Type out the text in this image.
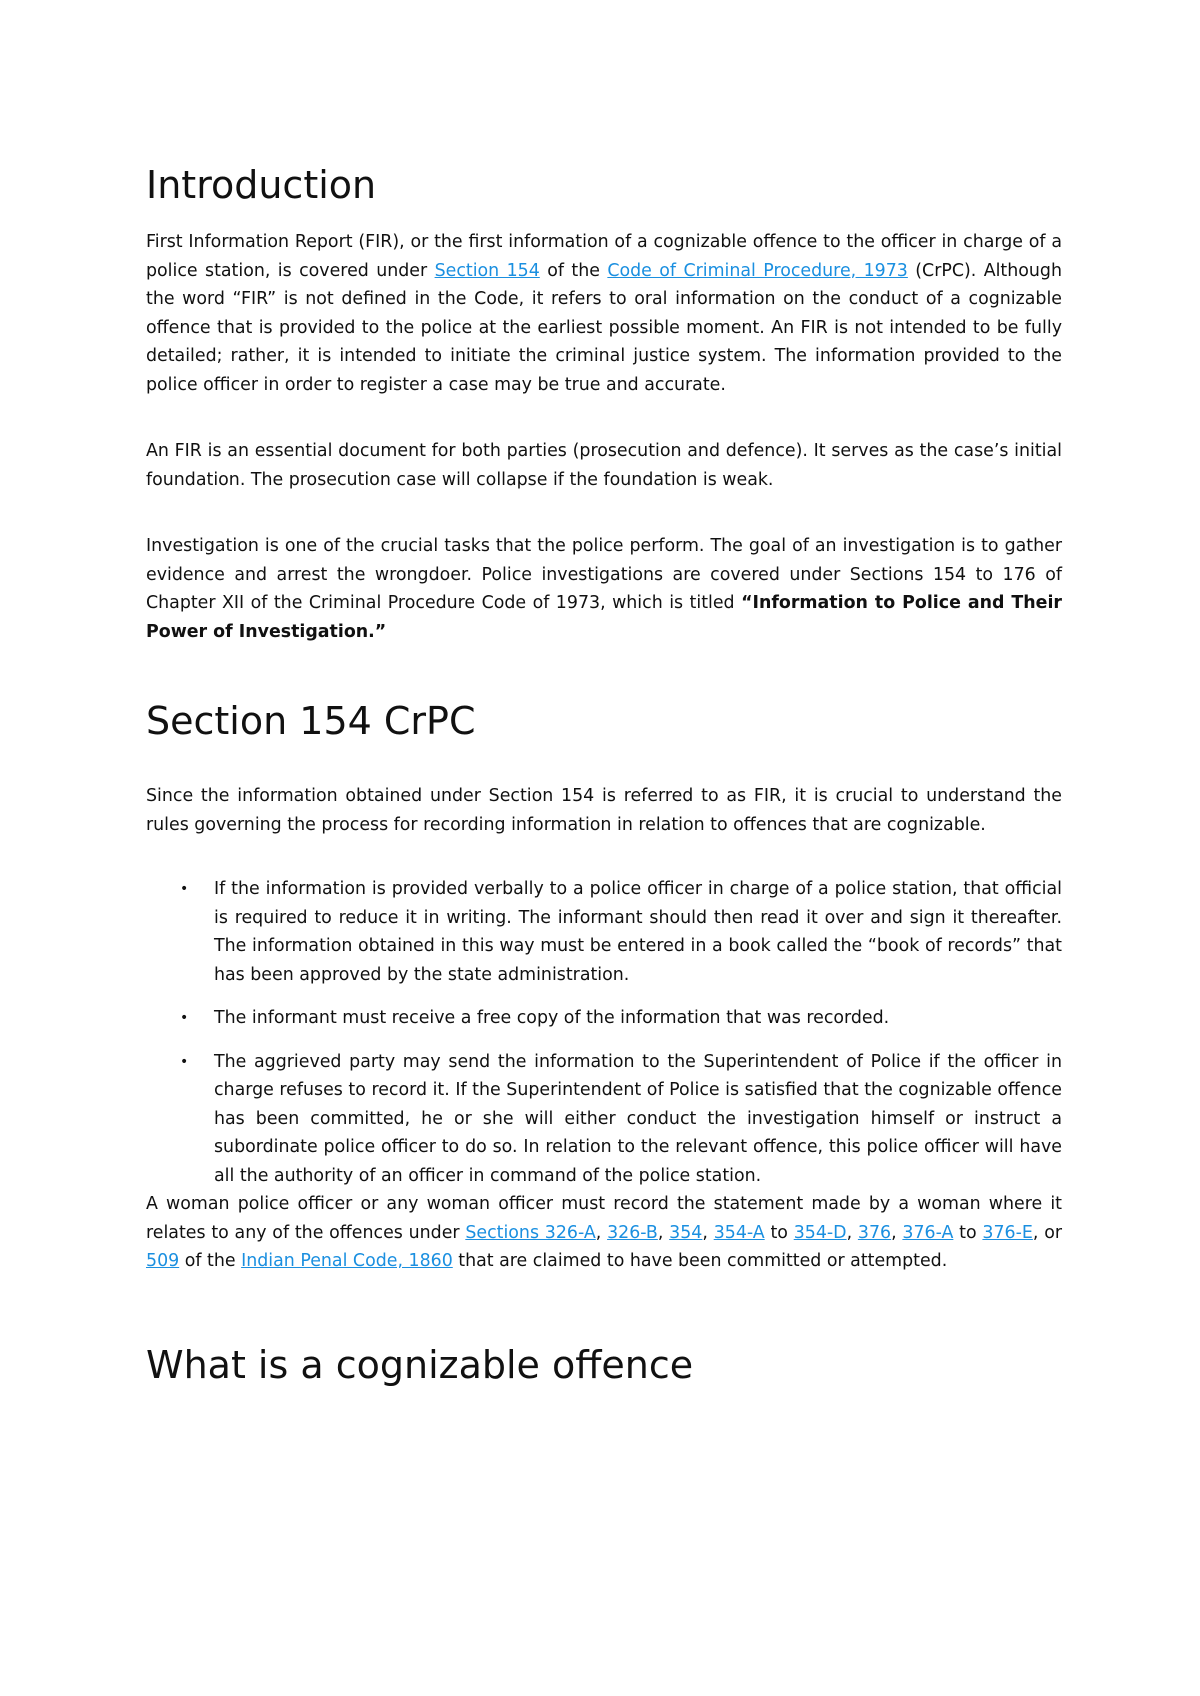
Introduction

First Information Report (FIR), or the first information of a cognizable offence to the officer in charge of a police station, is covered under Section 154 of the Code of Criminal Procedure, 1973 (CrPC). Although the word “FIR” is not defined in the Code, it refers to oral information on the conduct of a cognizable offence that is provided to the police at the earliest possible moment. An FIR is not intended to be fully detailed; rather, it is intended to initiate the criminal justice system. The information provided to the police officer in order to register a case may be true and accurate.

An FIR is an essential document for both parties (prosecution and defence). It serves as the case’s initial foundation. The prosecution case will collapse if the foundation is weak.

Investigation is one of the crucial tasks that the police perform. The goal of an investigation is to gather evidence and arrest the wrongdoer. Police investigations are covered under Sections 154 to 176 of Chapter XII of the Criminal Procedure Code of 1973, which is titled “Information to Police and Their Power of Investigation.”

Section 154 CrPC

Since the information obtained under Section 154 is referred to as FIR, it is crucial to understand the rules governing the process for recording information in relation to offences that are cognizable.

• If the information is provided verbally to a police officer in charge of a police station, that official is required to reduce it in writing. The informant should then read it over and sign it thereafter. The information obtained in this way must be entered in a book called the “book of records” that has been approved by the state administration.
• The informant must receive a free copy of the information that was recorded.
• The aggrieved party may send the information to the Superintendent of Police if the officer in charge refuses to record it. If the Superintendent of Police is satisfied that the cognizable offence has been committed, he or she will either conduct the investigation himself or instruct a subordinate police officer to do so. In relation to the relevant offence, this police officer will have all the authority of an officer in command of the police station.

A woman police officer or any woman officer must record the statement made by a woman where it relates to any of the offences under Sections 326-A, 326-B, 354, 354-A to 354-D, 376, 376-A to 376-E, or 509 of the Indian Penal Code, 1860 that are claimed to have been committed or attempted.

What is a cognizable offence
